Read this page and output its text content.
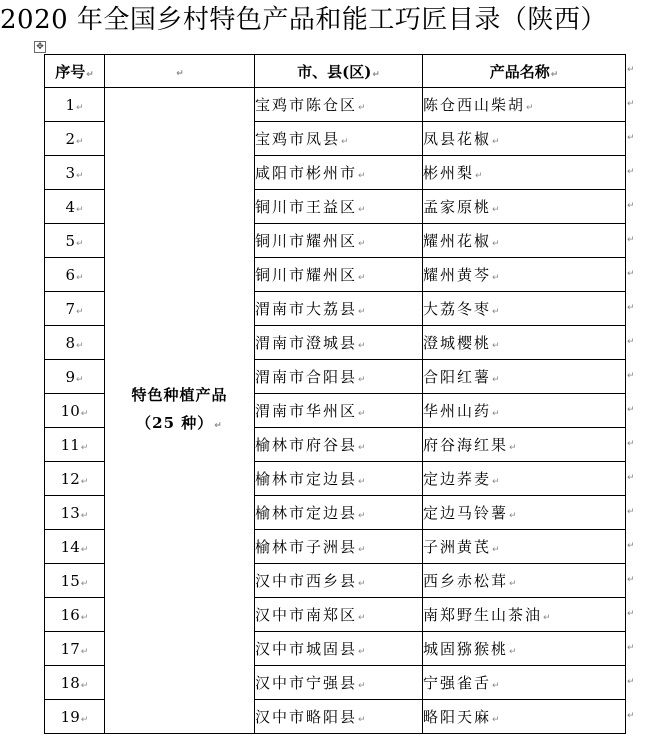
2020 年全国乡村特色产品和能工巧匠目录（陕西）
✥
序号↵	↵	市、县(区)↵	产品名称↵
1↵	特色种植产品
（25 种）↵	宝鸡市陈仓区↵	陈仓西山柴胡↵
2↵		宝鸡市凤县↵	凤县花椒↵
3↵		咸阳市彬州市↵	彬州梨↵
4↵		铜川市王益区↵	孟家原桃↵
5↵		铜川市耀州区↵	耀州花椒↵
6↵		铜川市耀州区↵	耀州黄芩↵
7↵		渭南市大荔县↵	大荔冬枣↵
8↵		渭南市澄城县↵	澄城樱桃↵
9↵		渭南市合阳县↵	合阳红薯↵
10↵		渭南市华州区↵	华州山药↵
11↵		榆林市府谷县↵	府谷海红果↵
12↵		榆林市定边县↵	定边荞麦↵
13↵		榆林市定边县↵	定边马铃薯↵
14↵		榆林市子洲县↵	子洲黄芪↵
15↵		汉中市西乡县↵	西乡赤松茸↵
16↵		汉中市南郑区↵	南郑野生山茶油↵
17↵		汉中市城固县↵	城固猕猴桃↵
18↵		汉中市宁强县↵	宁强雀舌↵
19↵		汉中市略阳县↵	略阳天麻↵
↵
↵
↵
↵
↵
↵
↵
↵
↵
↵
↵
↵
↵
↵
↵
↵
↵
↵
↵
↵
